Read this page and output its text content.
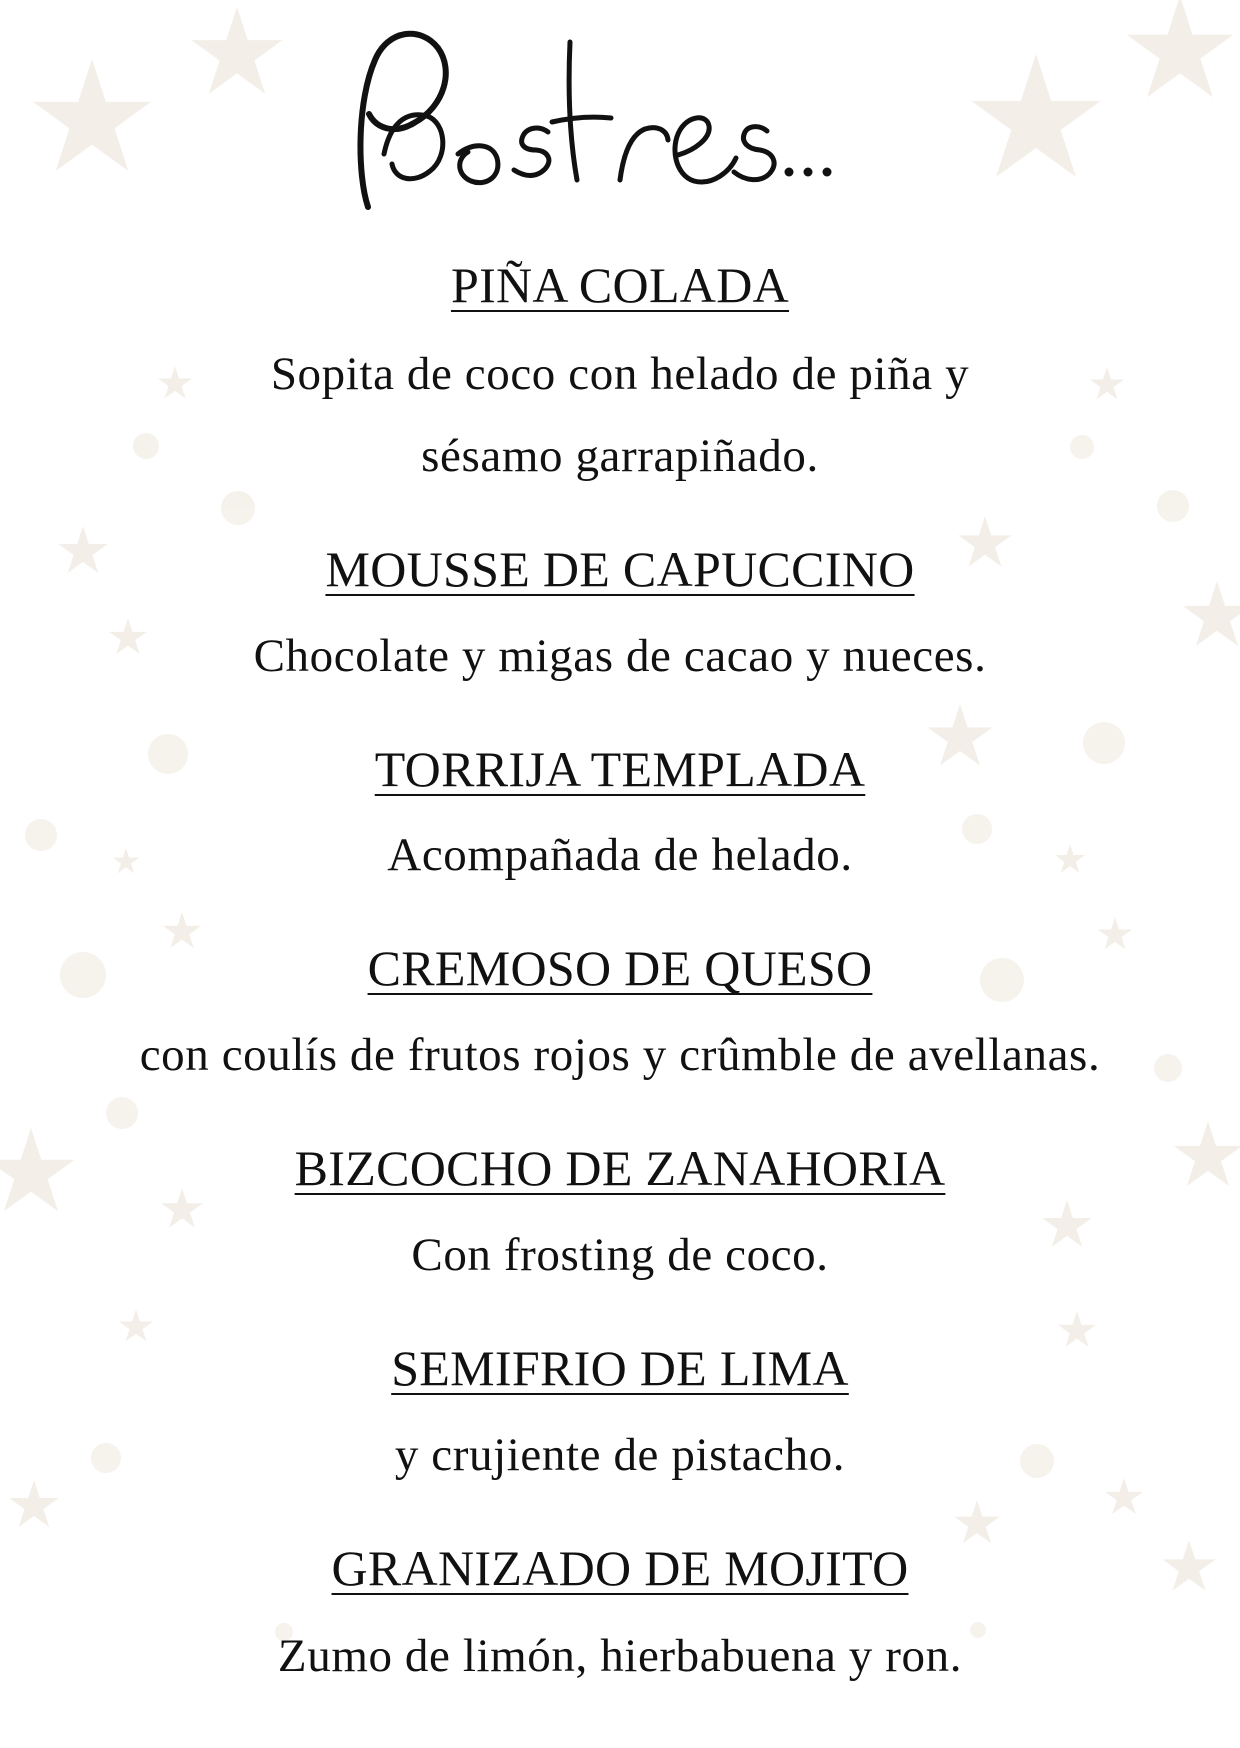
PIÑA COLADA

Sopita de coco con helado de piña y

sésamo garrapiñado.

MOUSSE DE CAPUCCINO

Chocolate y migas de cacao y nueces.

TORRIJA TEMPLADA

Acompañada de helado.

CREMOSO DE QUESO

con coulís de frutos rojos y crûmble de avellanas.

BIZCOCHO DE ZANAHORIA

Con frosting de coco.

SEMIFRIO DE LIMA

y crujiente de pistacho.

GRANIZADO DE MOJITO

Zumo de limón, hierbabuena y ron.
